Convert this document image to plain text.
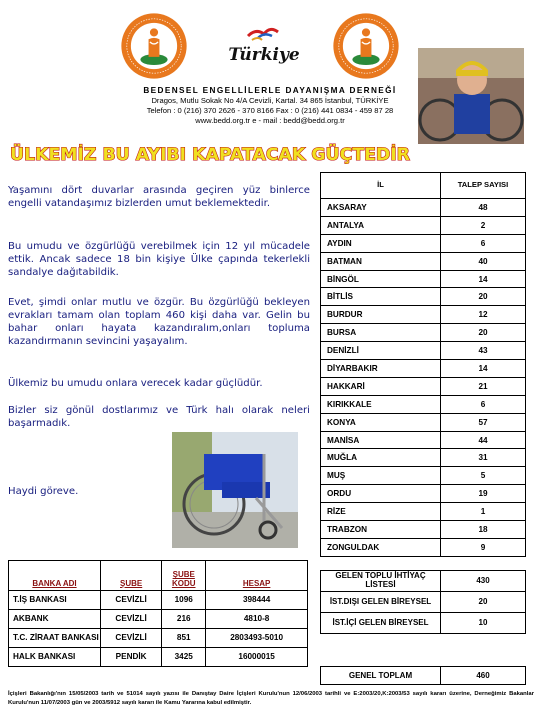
Türkiye
BEDENSEL ENGELLİLERLE DAYANIŞMA DERNEĞİ
Dragos, Mutlu Sokak No 4/A Cevizli, Kartal. 34 865 İstanbul, TÜRKİYE
Telefon : 0 (216) 370 2626 - 370 8166 Fax : 0 (216) 441 0834 - 459 87 28
www.bedd.org.tr e - mail : bedd@bedd.org.tr
ÜLKEMİZ BU AYIBI KAPATACAK GÜÇTEDİR

Yaşamını dört duvarlar arasında geçiren yüz binlerce engelli vatandaşımız bizlerden umut beklemektedir.

Bu umudu ve özgürlüğü verebilmek için 12 yıl mücadele ettik. Ancak sadece 18 bin kişiye Ülke çapında tekerlekli sandalye dağıtabildik.

Evet, şimdi onlar mutlu ve özgür. Bu özgürlüğü bekleyen evrakları tamam olan toplam 460 kişi daha var. Gelin bu bahar onları hayata kazandıralım,onları topluma kazandırmanın sevincini yaşayalım.

Ülkemiz bu umudu onlara verecek kadar güçlüdür.

Bizler siz gönül dostlarımız ve Türk halı olarak neleri başarmadık.

Haydi göreve.

İL	TALEP SAYISI
AKSARAY	48
ANTALYA	2
AYDIN	6
BATMAN	40
BİNGÖL	14
BİTLİS	20
BURDUR	12
BURSA	20
DENİZLİ	43
DİYARBAKIR	14
HAKKARİ	21
KIRIKKALE	6
KONYA	57
MANİSA	44
MUĞLA	31
MUŞ	5
ORDU	19
RİZE	1
TRABZON	18
ZONGULDAK	9
BANKA ADI	ŞUBE	ŞUBE KODU	HESAP
T.İŞ BANKASI	CEVİZLİ	1096	398444
AKBANK	CEVİZLİ	216	4810-8
T.C. ZİRAAT BANKASI	CEVİZLİ	851	2803493-5010
HALK BANKASI	PENDİK	3425	16000015
GELEN TOPLU İHTİYAÇ LİSTESİ	430
İST.DIŞI GELEN BİREYSEL	20
İST.İÇİ GELEN BİREYSEL	10
GENEL TOPLAM	460
İçişleri Bakanlığı'nın 15/05/2003 tarih ve 51014 sayılı yazısı ile Danıştay Daire İçişleri Kurulu'nun 12/06/2003 tarihli ve E:2003/20,K:2003/53 sayılı kararı üzerine, Derneğimiz Bakanlar Kurulu'nun 11/07/2003 gün ve 2003/5912 sayılı kararı ile Kamu Yararına kabul edilmiştir.
